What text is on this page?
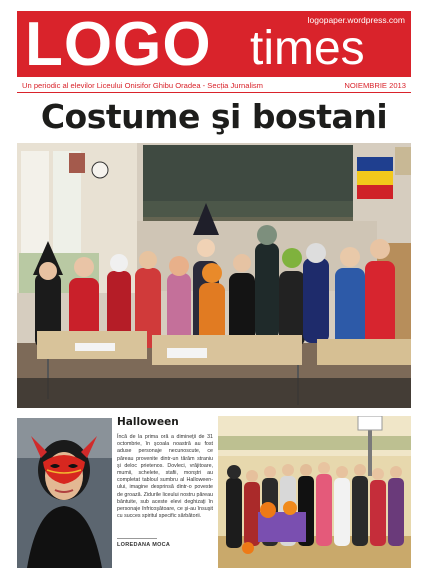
LOGO times
logopaper.wordpress.com
Un periodic al elevilor Liceului Onisifor Ghibu Oradea - Secția Jurnalism	NOIEMBRIE 2013
Costume şi bostani
Halloween
Încă de la prima oră a dimineţii de 31 octombrie, în şcoala noastră au fost aduse personaje necunoscute, ce păreau provenite dintr-un tărâm straniu şi deloc prietenos. Dovleci, vrăjitoare, mumii, schelete, stafii, monştri au completat tabloul sumbru al Halloween-ului, imagine desprinsă dintr-o poveste de groază. Zidurile liceului nostru păreau bântuite, sub aceste elevi deghizaţi în personaje înfricoşătoare, ce şi-au însuşit cu succes spiritul specific sărbătorii.
LOREDANA MOCA
